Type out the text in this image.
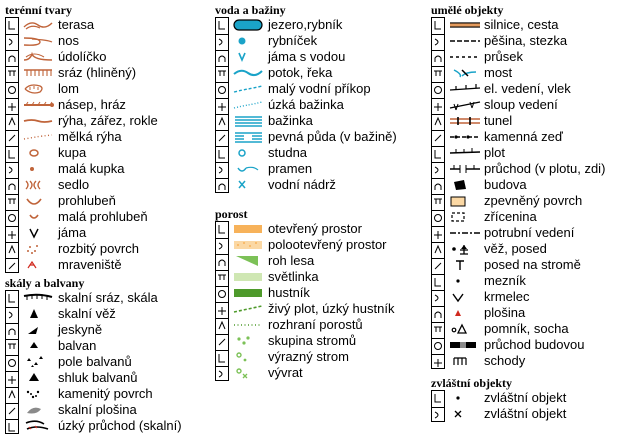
terénní tvary
terasa
nos
údolíčko
sráz (hliněný)
lom
násep, hráz
rýha, zářez, rokle
mělká rýha
kupa
malá kupka
sedlo
prohlubeň
malá prohlubeň
jáma
rozbitý povrch
mraveniště
skály a balvany
skalní sráz, skála
skalní věž
jeskyně
balvan
pole balvanů
shluk balvanů
kamenitý povrch
skalní plošina
úzký průchod (skalní)
voda a bažiny
jezero,rybník
rybníček
jáma s vodou
potok, řeka
malý vodní příkop
úzká bažinka
bažinka
pevná půda (v bažině)
studna
pramen
vodní nádrž
porost
otevřený prostor
polootevřený prostor
roh lesa
světlinka
hustník
živý plot, úzký hustník
rozhraní porostů
skupina stromů
výrazný strom
vývrat
umělé objekty
silnice, cesta
pěšina, stezka
průsek
most
el. vedení, vlek
sloup vedení
tunel
kamenná zeď
plot
průchod (v plotu, zdi)
budova
zpevněný povrch
zřícenina
potrubní vedení
věž, posed
posed na stromě
mezník
krmelec
plošina
pomník, socha
průchod budovou
schody
zvláštní objekty
zvláštní objekt
zvláštní objekt
